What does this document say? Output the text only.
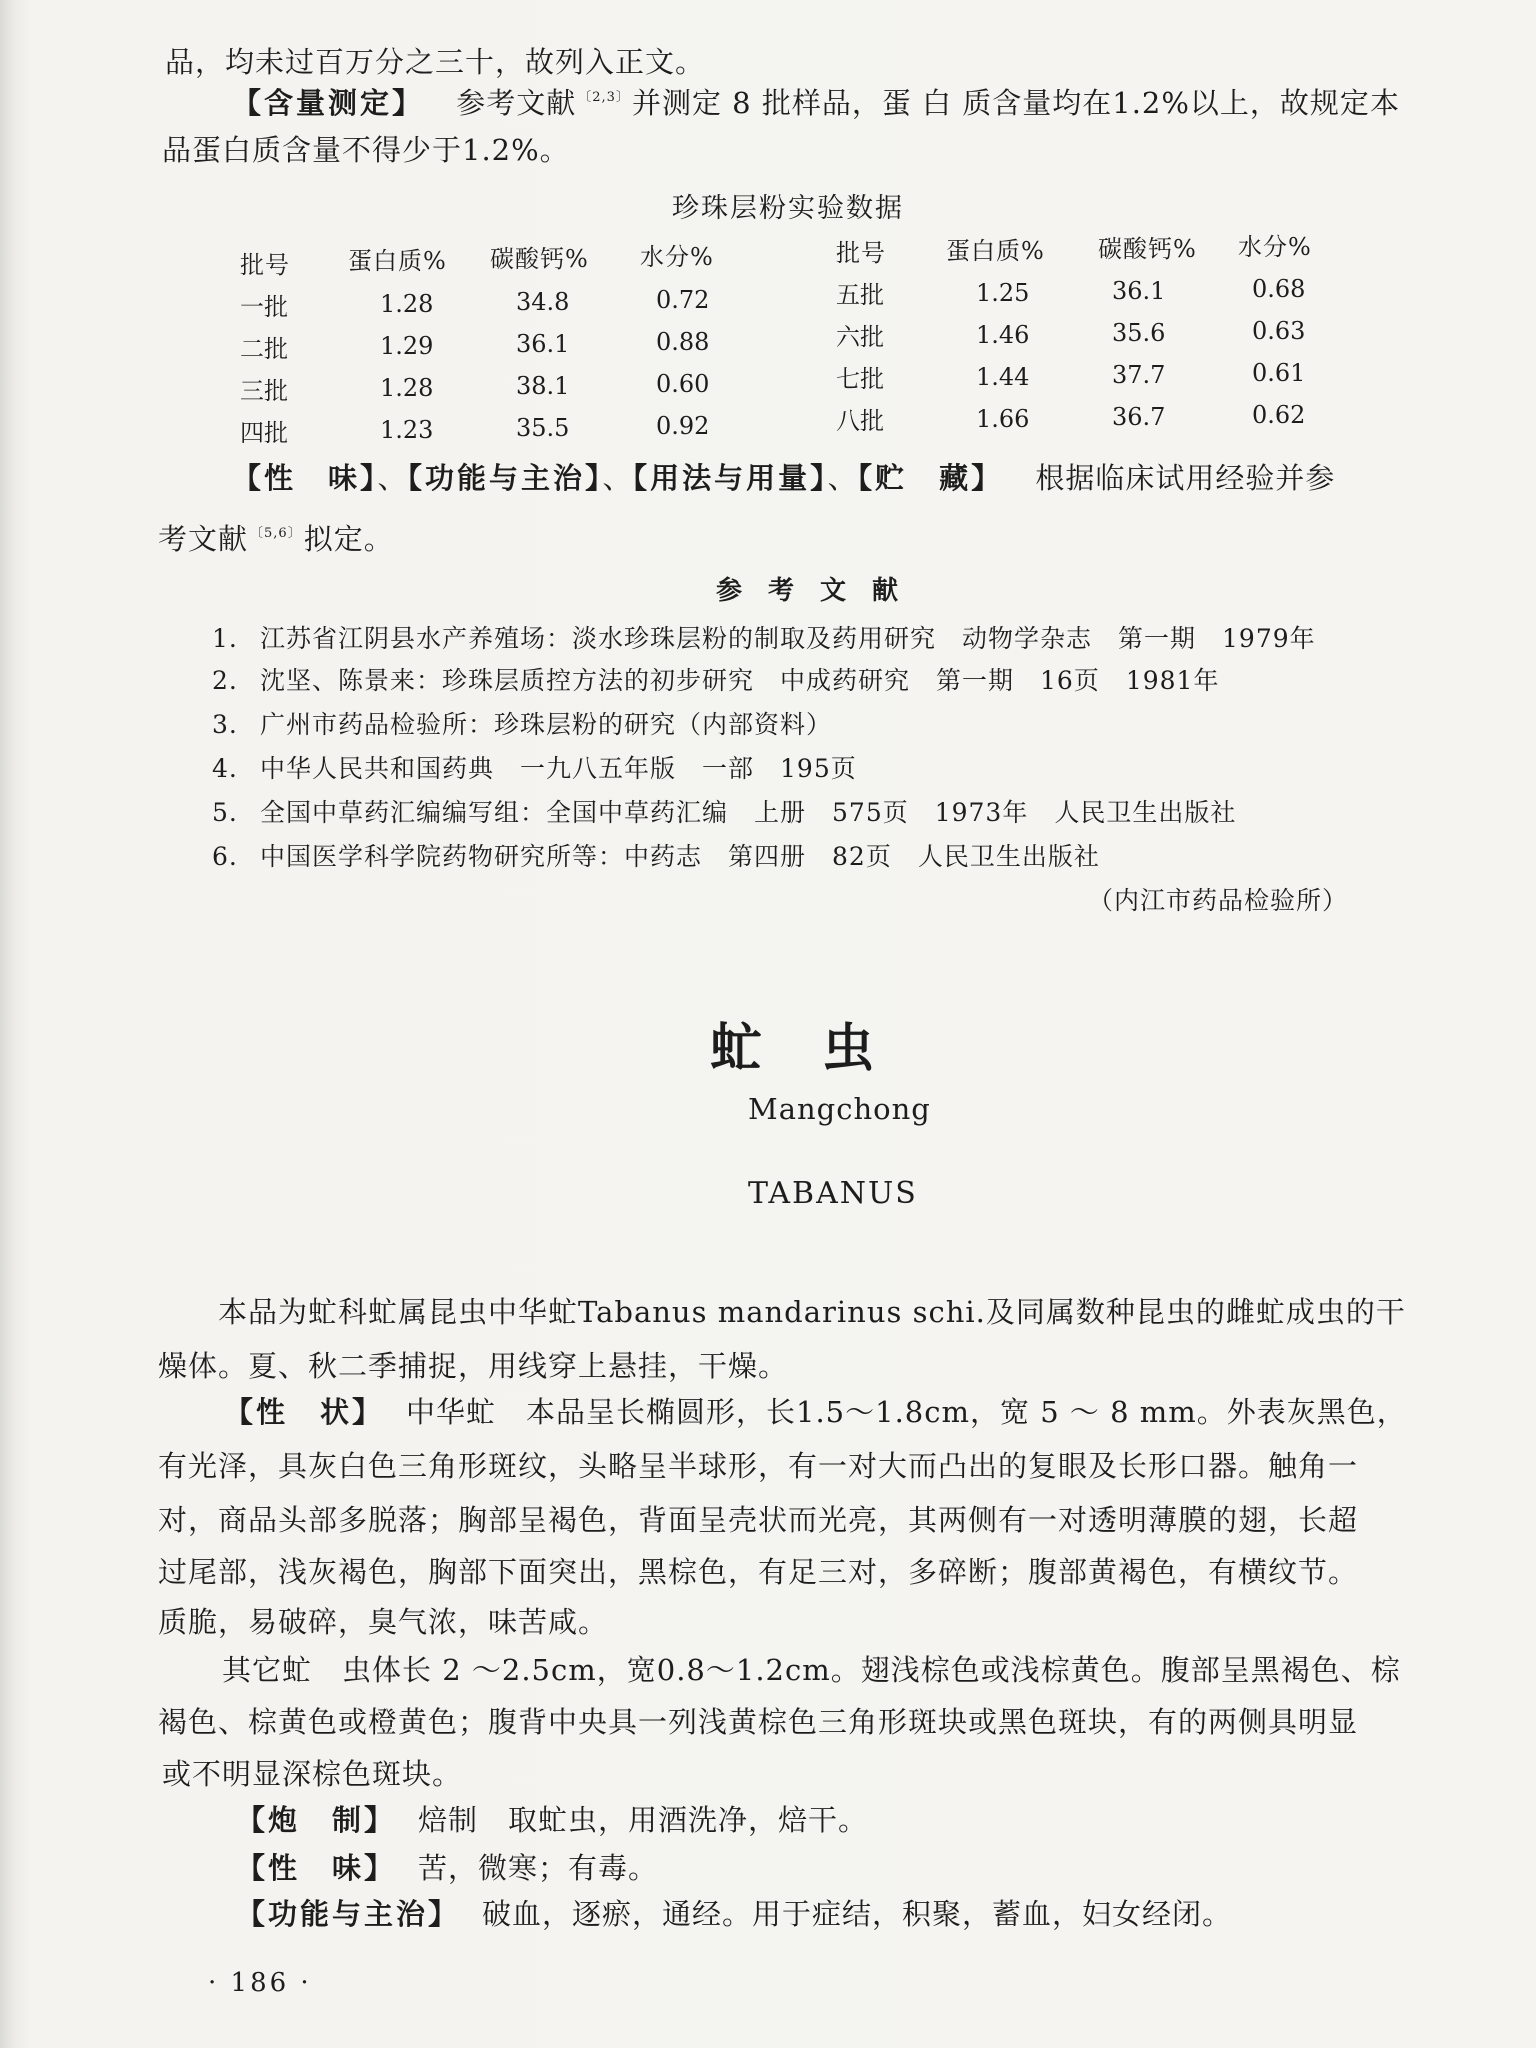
品，均未过百万分之三十，故列入正文。
【含量测定】 参考文献 $^{〔2,3〕}$并测定 8 批样品，蛋 白 质含量均在1.2%以上，故规定本
品蛋白质含量不得少于1.2%。
珍珠层粉实验数据
批号 蛋白质% 碳酸钙% 水分%	批号	蛋白质% 碳酸钙% 水分%
一批	1.28	34.8	0.72
二批	1.29	36.1	0.88
三批	1.28	38.1	0.60
四批	1.23	35.5	0.92
五批	1.25	36.1	0.68
六批	1.46	35.6	0.63
七批	1.44	37.7	0.61
八批	1.66	36.7	0.62
【性　味】、【功能与主治】、【用法与用量】、【贮　藏】 根据临床试用经验并参
考文献 $^{〔5,6〕}$拟定。
参考文献
1. 江苏省江阴县水产养殖场：淡水珍珠层粉的制取及药用研究　动物学杂志　第一期　1979年
2. 沈坚、陈景来：珍珠层质控方法的初步研究　中成药研究　第一期　16页　1981年
3. 广州市药品检验所：珍珠层粉的研究（内部资料）
4. 中华人民共和国药典　一九八五年版　一部　195页
5. 全国中草药汇编编写组：全国中草药汇编　上册　575页　1973年　人民卫生出版社
6. 中国医学科学院药物研究所等：中药志　第四册　82页　人民卫生出版社
（内江市药品检验所）
虻虫
Mangchong
TABANUS
本品为虻科虻属昆虫中华虻Tabanus mandarinus schi.及同属数种昆虫的雌虻成虫的干
燥体。夏、秋二季捕捉，用线穿上悬挂，干燥。
【性　状】 中华虻　本品呈长椭圆形，长1.5～1.8cm，宽 5 ～ 8 mm。外表灰黑色，
有光泽，具灰白色三角形斑纹，头略呈半球形，有一对大而凸出的复眼及长形口器。触角一
对，商品头部多脱落；胸部呈褐色，背面呈壳状而光亮，其两侧有一对透明薄膜的翅，长超
过尾部，浅灰褐色，胸部下面突出，黑棕色，有足三对，多碎断；腹部黄褐色，有横纹节。
质脆，易破碎，臭气浓，味苦咸。
其它虻　虫体长 2 ～2.5cm，宽0.8～1.2cm。翅浅棕色或浅棕黄色。腹部呈黑褐色、棕
褐色、棕黄色或橙黄色；腹背中央具一列浅黄棕色三角形斑块或黑色斑块，有的两侧具明显
或不明显深棕色斑块。
【炮　制】 焙制　取虻虫，用酒洗净，焙干。
【性　味】 苦，微寒；有毒。
【功能与主治】 破血，逐瘀，通经。用于症结，积聚，蓄血，妇女经闭。
· 186 ·
